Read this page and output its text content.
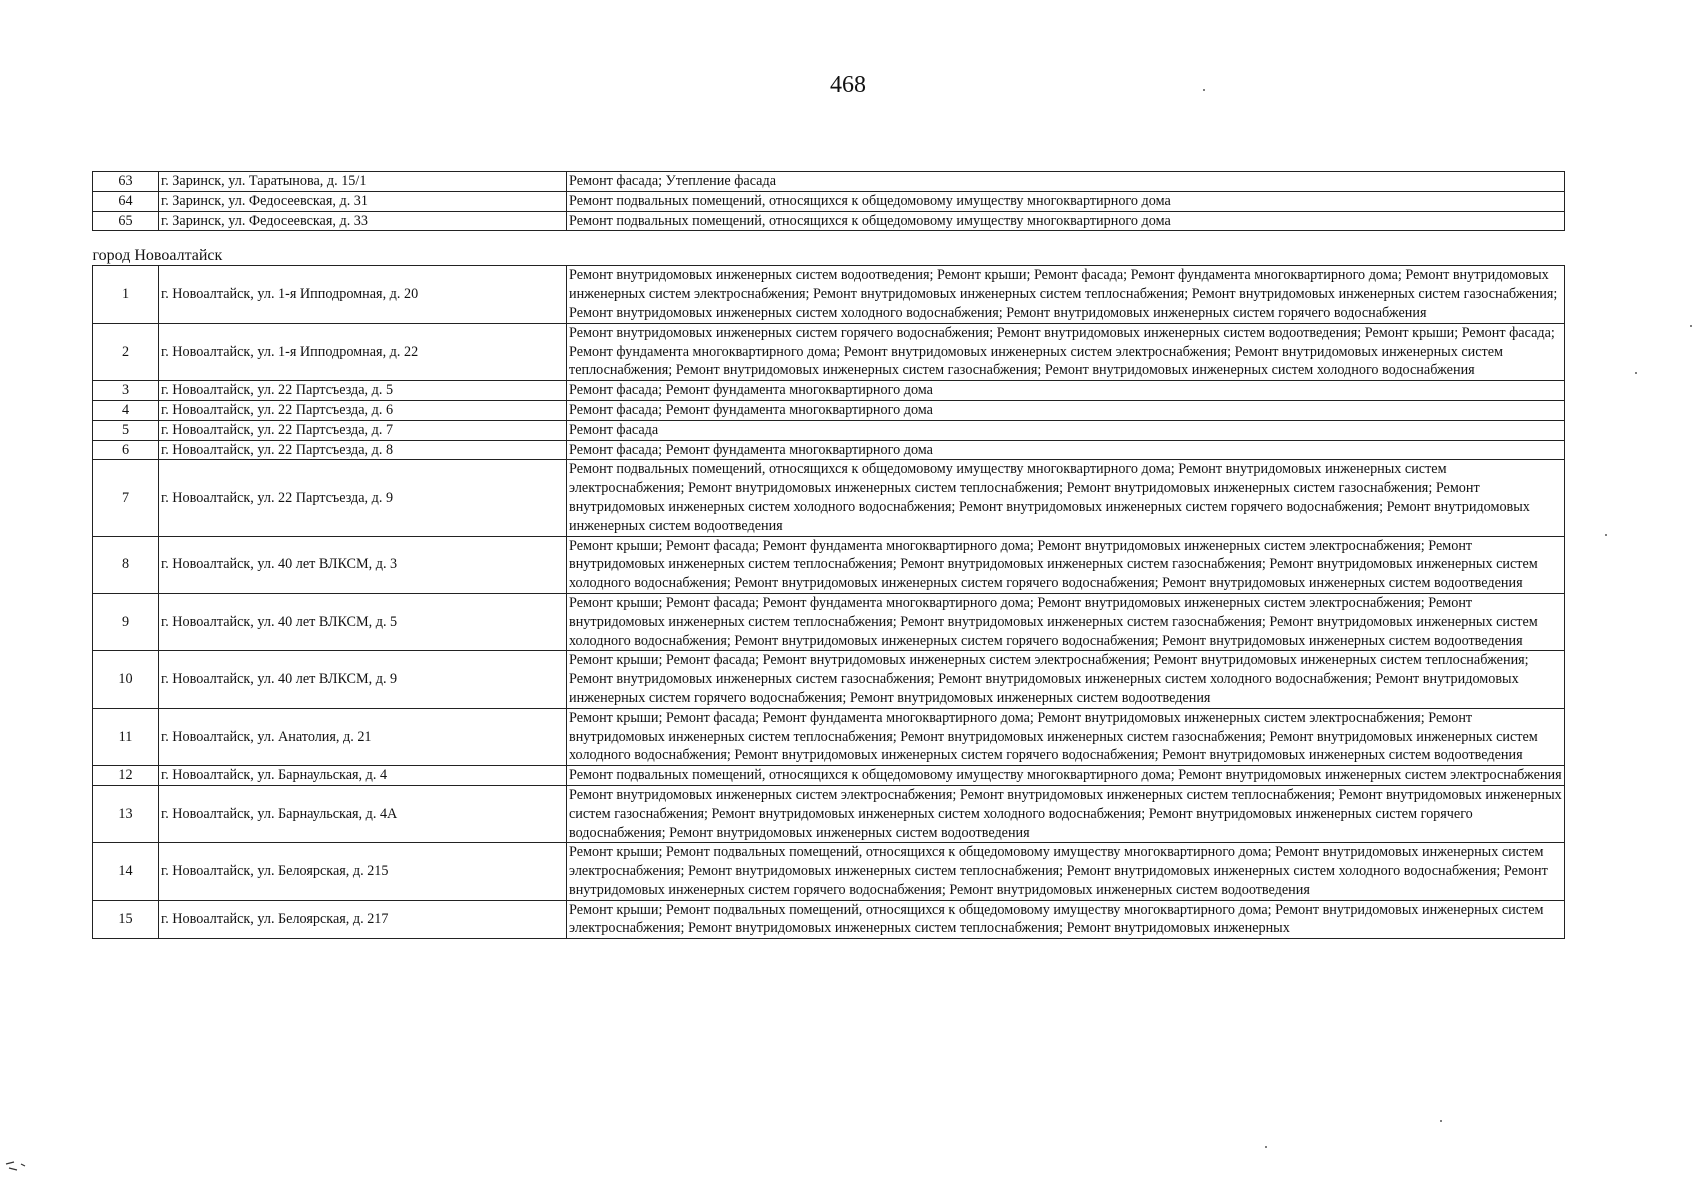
468
63	г. Заринск, ул. Таратынова, д. 15/1	Ремонт фасада; Утепление фасада
64	г. Заринск, ул. Федосеевская, д. 31	Ремонт подвальных помещений, относящихся к общедомовому имуществу многоквартирного дома
65	г. Заринск, ул. Федосеевская, д. 33	Ремонт подвальных помещений, относящихся к общедомовому имуществу многоквартирного дома
город Новоалтайск		
1	г. Новоалтайск, ул. 1-я Ипподромная, д. 20	Ремонт внутридомовых инженерных систем водоотведения; Ремонт крыши; Ремонт фасада; Ремонт фундамента многоквартирного дома; Ремонт внутридомовых инженерных систем электроснабжения; Ремонт внутридомовых инженерных систем теплоснабжения; Ремонт внутридомовых инженерных систем газоснабжения; Ремонт внутридомовых инженерных систем холодного водоснабжения; Ремонт внутридомовых инженерных систем горячего водоснабжения
2	г. Новоалтайск, ул. 1-я Ипподромная, д. 22	Ремонт внутридомовых инженерных систем горячего водоснабжения; Ремонт внутридомовых инженерных систем водоотведения; Ремонт крыши; Ремонт фасада; Ремонт фундамента многоквартирного дома; Ремонт внутридомовых инженерных систем электроснабжения; Ремонт внутридомовых инженерных систем теплоснабжения; Ремонт внутридомовых инженерных систем газоснабжения; Ремонт внутридомовых инженерных систем холодного водоснабжения
3	г. Новоалтайск, ул. 22 Партсъезда, д. 5	Ремонт фасада; Ремонт фундамента многоквартирного дома
4	г. Новоалтайск, ул. 22 Партсъезда, д. 6	Ремонт фасада; Ремонт фундамента многоквартирного дома
5	г. Новоалтайск, ул. 22 Партсъезда, д. 7	Ремонт фасада
6	г. Новоалтайск, ул. 22 Партсъезда, д. 8	Ремонт фасада; Ремонт фундамента многоквартирного дома
7	г. Новоалтайск, ул. 22 Партсъезда, д. 9	Ремонт подвальных помещений, относящихся к общедомовому имуществу многоквартирного дома; Ремонт внутридомовых инженерных систем электроснабжения; Ремонт внутридомовых инженерных систем теплоснабжения; Ремонт внутридомовых инженерных систем газоснабжения; Ремонт внутридомовых инженерных систем холодного водоснабжения; Ремонт внутридомовых инженерных систем горячего водоснабжения; Ремонт внутридомовых инженерных систем водоотведения
8	г. Новоалтайск, ул. 40 лет ВЛКСМ, д. 3	Ремонт крыши; Ремонт фасада; Ремонт фундамента многоквартирного дома; Ремонт внутридомовых инженерных систем электроснабжения; Ремонт внутридомовых инженерных систем теплоснабжения; Ремонт внутридомовых инженерных систем газоснабжения; Ремонт внутридомовых инженерных систем холодного водоснабжения; Ремонт внутридомовых инженерных систем горячего водоснабжения; Ремонт внутридомовых инженерных систем водоотведения
9	г. Новоалтайск, ул. 40 лет ВЛКСМ, д. 5	Ремонт крыши; Ремонт фасада; Ремонт фундамента многоквартирного дома; Ремонт внутридомовых инженерных систем электроснабжения; Ремонт внутридомовых инженерных систем теплоснабжения; Ремонт внутридомовых инженерных систем газоснабжения; Ремонт внутридомовых инженерных систем холодного водоснабжения; Ремонт внутридомовых инженерных систем горячего водоснабжения; Ремонт внутридомовых инженерных систем водоотведения
10	г. Новоалтайск, ул. 40 лет ВЛКСМ, д. 9	Ремонт крыши; Ремонт фасада; Ремонт внутридомовых инженерных систем электроснабжения; Ремонт внутридомовых инженерных систем теплоснабжения; Ремонт внутридомовых инженерных систем газоснабжения; Ремонт внутридомовых инженерных систем холодного водоснабжения; Ремонт внутридомовых инженерных систем горячего водоснабжения; Ремонт внутридомовых инженерных систем водоотведения
11	г. Новоалтайск, ул. Анатолия, д. 21	Ремонт крыши; Ремонт фасада; Ремонт фундамента многоквартирного дома; Ремонт внутридомовых инженерных систем электроснабжения; Ремонт внутридомовых инженерных систем теплоснабжения; Ремонт внутридомовых инженерных систем газоснабжения; Ремонт внутридомовых инженерных систем холодного водоснабжения; Ремонт внутридомовых инженерных систем горячего водоснабжения; Ремонт внутридомовых инженерных систем водоотведения
12	г. Новоалтайск, ул. Барнаульская, д. 4	Ремонт подвальных помещений, относящихся к общедомовому имуществу многоквартирного дома; Ремонт внутридомовых инженерных систем электроснабжения
13	г. Новоалтайск, ул. Барнаульская, д. 4А	Ремонт внутридомовых инженерных систем электроснабжения; Ремонт внутридомовых инженерных систем теплоснабжения; Ремонт внутридомовых инженерных систем газоснабжения; Ремонт внутридомовых инженерных систем холодного водоснабжения; Ремонт внутридомовых инженерных систем горячего водоснабжения; Ремонт внутридомовых инженерных систем водоотведения
14	г. Новоалтайск, ул. Белоярская, д. 215	Ремонт крыши; Ремонт подвальных помещений, относящихся к общедомовому имуществу многоквартирного дома; Ремонт внутридомовых инженерных систем электроснабжения; Ремонт внутридомовых инженерных систем теплоснабжения; Ремонт внутридомовых инженерных систем холодного водоснабжения; Ремонт внутридомовых инженерных систем горячего водоснабжения; Ремонт внутридомовых инженерных систем водоотведения
15	г. Новоалтайск, ул. Белоярская, д. 217	Ремонт крыши; Ремонт подвальных помещений, относящихся к общедомовому имуществу многоквартирного дома; Ремонт внутридомовых инженерных систем электроснабжения; Ремонт внутридомовых инженерных систем теплоснабжения; Ремонт внутридомовых инженерных
